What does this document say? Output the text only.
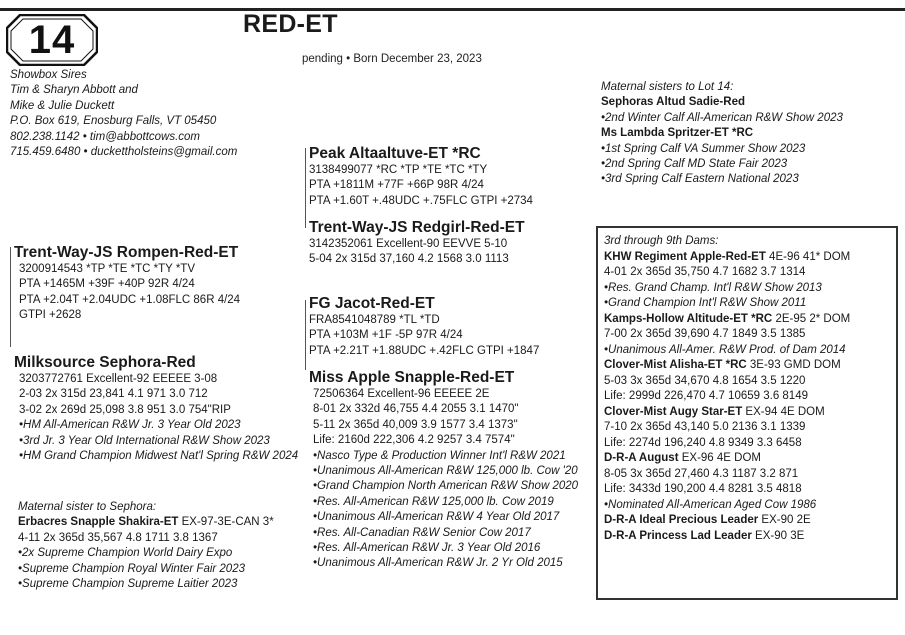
14	RED-ET
pending • Born December 23, 2023
Showbox Sires
Tim & Sharyn Abbott and
Mike & Julie Duckett
P.O. Box 619, Enosburg Falls, VT 05450
802.238.1142 • tim@abbottcows.com
715.459.6480 • duckettholsteins@gmail.com
Trent-Way-JS Rompen-Red-ET
3200914543 *TP *TE *TC *TY *TV
PTA +1465M +39F +40P 92R 4/24
PTA +2.04T +2.04UDC +1.08FLC 86R 4/24
GTPI +2628
Milksource Sephora-Red
3203772761 Excellent-92 EEEEE 3-08
2-03 2x 315d 23,841 4.1 971 3.0 712
3-02 2x 269d 25,098 3.8 951 3.0 754"RIP
•HM All-American R&W Jr. 3 Year Old 2023
•3rd Jr. 3 Year Old International R&W Show 2023
•HM Grand Champion Midwest Nat'l Spring R&W 2024
Maternal sister to Sephora:
Erbacres Snapple Shakira-ET EX-97-3E-CAN 3*
4-11 2x 365d 35,567 4.8 1711 3.8 1367
•2x Supreme Champion World Dairy Expo
•Supreme Champion Royal Winter Fair 2023
•Supreme Champion Supreme Laitier 2023
Peak Altaaltuve-ET *RC
3138499077 *RC *TP *TE *TC *TY
PTA +1811M +77F +66P 98R 4/24
PTA +1.60T +.48UDC +.75FLC GTPI +2734
Trent-Way-JS Redgirl-Red-ET
3142352061 Excellent-90 EEVVE 5-10
5-04 2x 315d 37,160 4.2 1568 3.0 1113
FG Jacot-Red-ET
FRA8541048789 *TL *TD
PTA +103M +1F -5P 97R 4/24
PTA +2.21T +1.88UDC +.42FLC GTPI +1847
Miss Apple Snapple-Red-ET
72506364 Excellent-96 EEEEE 2E
8-01 2x 332d 46,755 4.4 2055 3.1 1470"
5-11 2x 365d 40,009 3.9 1577 3.4 1373"
Life: 2160d 222,306 4.2 9257 3.4 7574"
•Nasco Type & Production Winner Int'l R&W 2021
•Unanimous All-American R&W 125,000 lb. Cow '20
•Grand Champion North American R&W Show 2020
•Res. All-American R&W 125,000 lb. Cow 2019
•Unanimous All-American R&W 4 Year Old 2017
•Res. All-Canadian R&W Senior Cow 2017
•Res. All-American R&W Jr. 3 Year Old 2016
•Unanimous All-American R&W Jr. 2 Yr Old 2015
Maternal sisters to Lot 14:
Sephoras Altud Sadie-Red
•2nd Winter Calf All-American R&W Show 2023
Ms Lambda Spritzer-ET *RC
•1st Spring Calf VA Summer Show 2023
•2nd Spring Calf MD State Fair 2023
•3rd Spring Calf Eastern National 2023
3rd through 9th Dams:
KHW Regiment Apple-Red-ET 4E-96 41* DOM
4-01 2x 365d 35,750 4.7 1682 3.7 1314
•Res. Grand Champ. Int'l R&W Show 2013
•Grand Champion Int'l R&W Show 2011
Kamps-Hollow Altitude-ET *RC 2E-95 2* DOM
7-00 2x 365d 39,690 4.7 1849 3.5 1385
•Unanimous All-Amer. R&W Prod. of Dam 2014
Clover-Mist Alisha-ET *RC 3E-93 GMD DOM
5-03 3x 365d 34,670 4.8 1654 3.5 1220
Life: 2999d 226,470 4.7 10659 3.6 8149
Clover-Mist Augy Star-ET EX-94 4E DOM
7-10 2x 365d 43,140 5.0 2136 3.1 1339
Life: 2274d 196,240 4.8 9349 3.3 6458
D-R-A August EX-96 4E DOM
8-05 3x 365d 27,460 4.3 1187 3.2 871
Life: 3433d 190,200 4.4 8281 3.5 4818
•Nominated All-American Aged Cow 1986
D-R-A Ideal Precious Leader EX-90 2E
D-R-A Princess Lad Leader EX-90 3E
